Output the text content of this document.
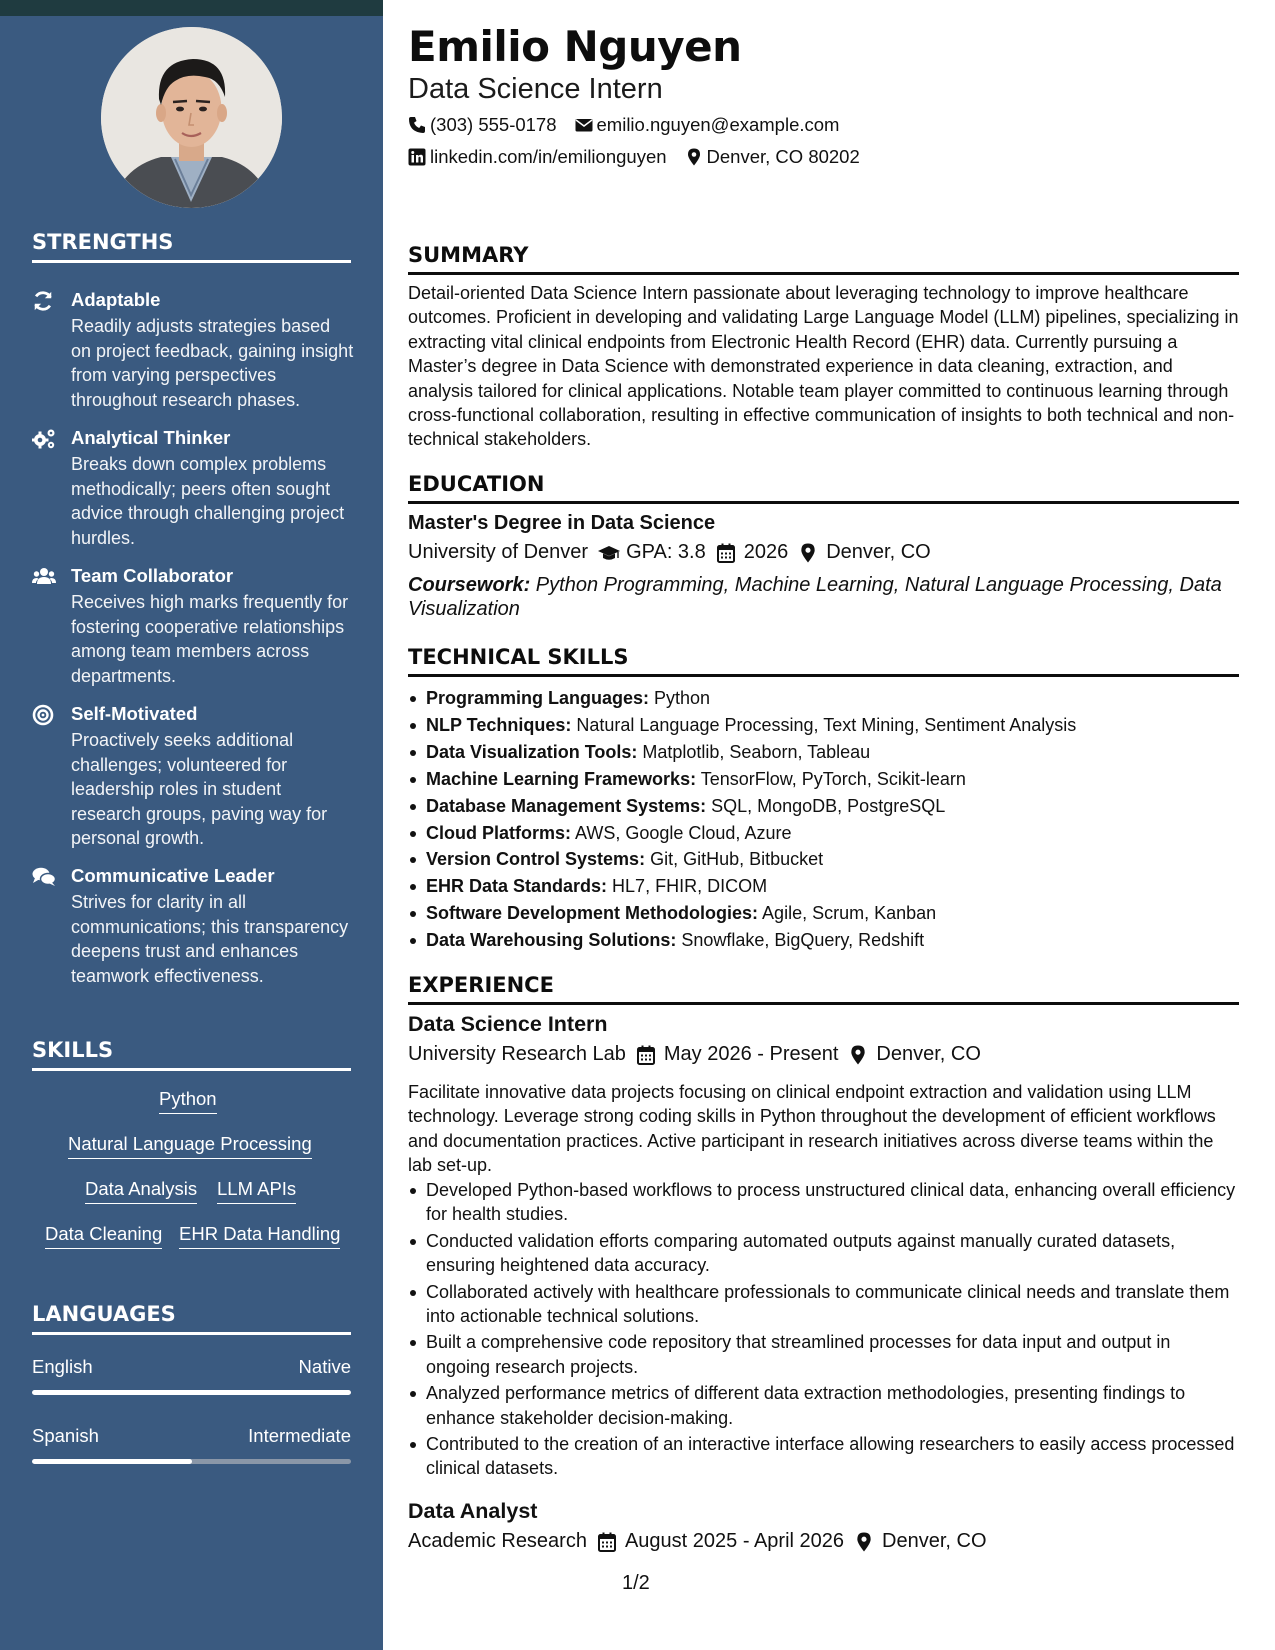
STRENGTHS
Adaptable
Readily adjusts strategies based on project feedback, gaining insight from varying perspectives throughout research phases.
Analytical Thinker
Breaks down complex problems methodically; peers often sought advice through challenging project hurdles.
Team Collaborator
Receives high marks frequently for fostering cooperative relationships among team members across departments.
Self-Motivated
Proactively seeks additional challenges; volunteered for leadership roles in student research groups, paving way for personal growth.
Communicative Leader
Strives for clarity in all communications; this transparency deepens trust and enhances teamwork effectiveness.
SKILLS
Python
Natural Language Processing
Data Analysis LLM APIs
Data Cleaning EHR Data Handling
LANGUAGES
English	Native
Spanish	Intermediate
Emilio Nguyen
Data Science Intern
(303) 555-0178 emilio.nguyen@example.com
linkedin.com/in/emilionguyen Denver, CO 80202
SUMMARY
Detail-oriented Data Science Intern passionate about leveraging technology to improve healthcare outcomes. Proficient in developing and validating Large Language Model (LLM) pipelines, specializing in extracting vital clinical endpoints from Electronic Health Record (EHR) data. Currently pursuing a Master’s degree in Data Science with demonstrated experience in data cleaning, extraction, and analysis tailored for clinical applications. Notable team player committed to continuous learning through cross-functional collaboration, resulting in effective communication of insights to both technical and non-technical stakeholders.
EDUCATION
Master's Degree in Data Science
University of Denver GPA: 3.8 2026 Denver, CO
Coursework: Python Programming, Machine Learning, Natural Language Processing, Data Visualization
TECHNICAL SKILLS
Programming Languages: Python
NLP Techniques: Natural Language Processing, Text Mining, Sentiment Analysis
Data Visualization Tools: Matplotlib, Seaborn, Tableau
Machine Learning Frameworks: TensorFlow, PyTorch, Scikit-learn
Database Management Systems: SQL, MongoDB, PostgreSQL
Cloud Platforms: AWS, Google Cloud, Azure
Version Control Systems: Git, GitHub, Bitbucket
EHR Data Standards: HL7, FHIR, DICOM
Software Development Methodologies: Agile, Scrum, Kanban
Data Warehousing Solutions: Snowflake, BigQuery, Redshift
EXPERIENCE
Data Science Intern
University Research Lab May 2026 - Present Denver, CO
Facilitate innovative data projects focusing on clinical endpoint extraction and validation using LLM technology. Leverage strong coding skills in Python throughout the development of efficient workflows and documentation practices. Active participant in research initiatives across diverse teams within the lab set-up.
Developed Python-based workflows to process unstructured clinical data, enhancing overall efficiency for health studies.
Conducted validation efforts comparing automated outputs against manually curated datasets, ensuring heightened data accuracy.
Collaborated actively with healthcare professionals to communicate clinical needs and translate them into actionable technical solutions.
Built a comprehensive code repository that streamlined processes for data input and output in ongoing research projects.
Analyzed performance metrics of different data extraction methodologies, presenting findings to enhance stakeholder decision-making.
Contributed to the creation of an interactive interface allowing researchers to easily access processed clinical datasets.
Data Analyst
Academic Research August 2025 - April 2026 Denver, CO
1/2
